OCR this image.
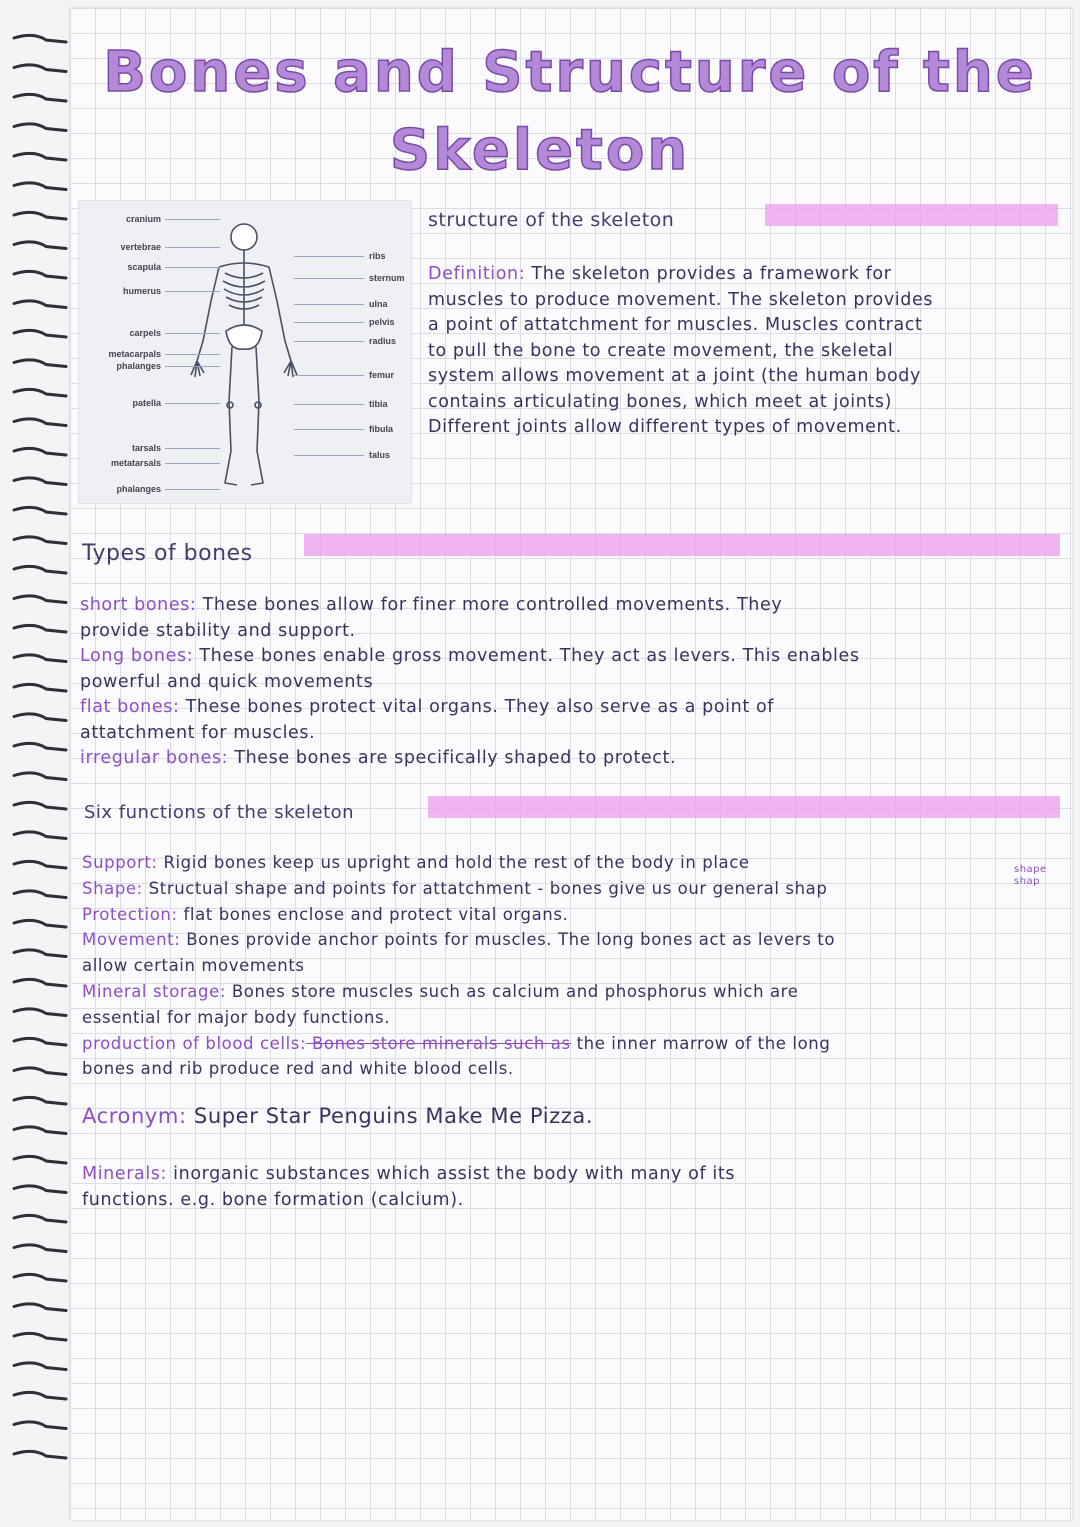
Bones and Structure of the
Skeleton
cranium
vertebrae
scapula
humerus
carpels
metacarpals
phalanges
patella
tarsals
metatarsals
phalanges
ribs
sternum
ulna
pelvis
radius
femur
tibia
fibula
talus
structure of the skeleton
Definition: The skeleton provides a framework for
muscles to produce movement. The skeleton provides
a point of attatchment for muscles. Muscles contract
to pull the bone to create movement, the skeletal
system allows movement at a joint (the human body
contains articulating bones, which meet at joints)
Different joints allow different types of movement.
Types of bones
short bones: These bones allow for finer more controlled movements. They
provide stability and support.
Long bones: These bones enable gross movement. They act as levers. This enables
powerful and quick movements
flat bones: These bones protect vital organs. They also serve as a point of
attatchment for muscles.
irregular bones: These bones are specifically shaped to protect.
Six functions of the skeleton
shape
shap
Support: Rigid bones keep us upright and hold the rest of the body in place
Shape: Structual shape and points for attatchment - bones give us our general shap
Protection: flat bones enclose and protect vital organs.
Movement: Bones provide anchor points for muscles. The long bones act as levers to
allow certain movements
Mineral storage: Bones store muscles such as calcium and phosphorus which are
essential for major body functions.
production of blood cells: Bones store minerals such as the inner marrow of the long
bones and rib produce red and white blood cells.
Acronym: Super Star Penguins Make Me Pizza.
Minerals: inorganic substances which assist the body with many of its
functions. e.g. bone formation (calcium).
